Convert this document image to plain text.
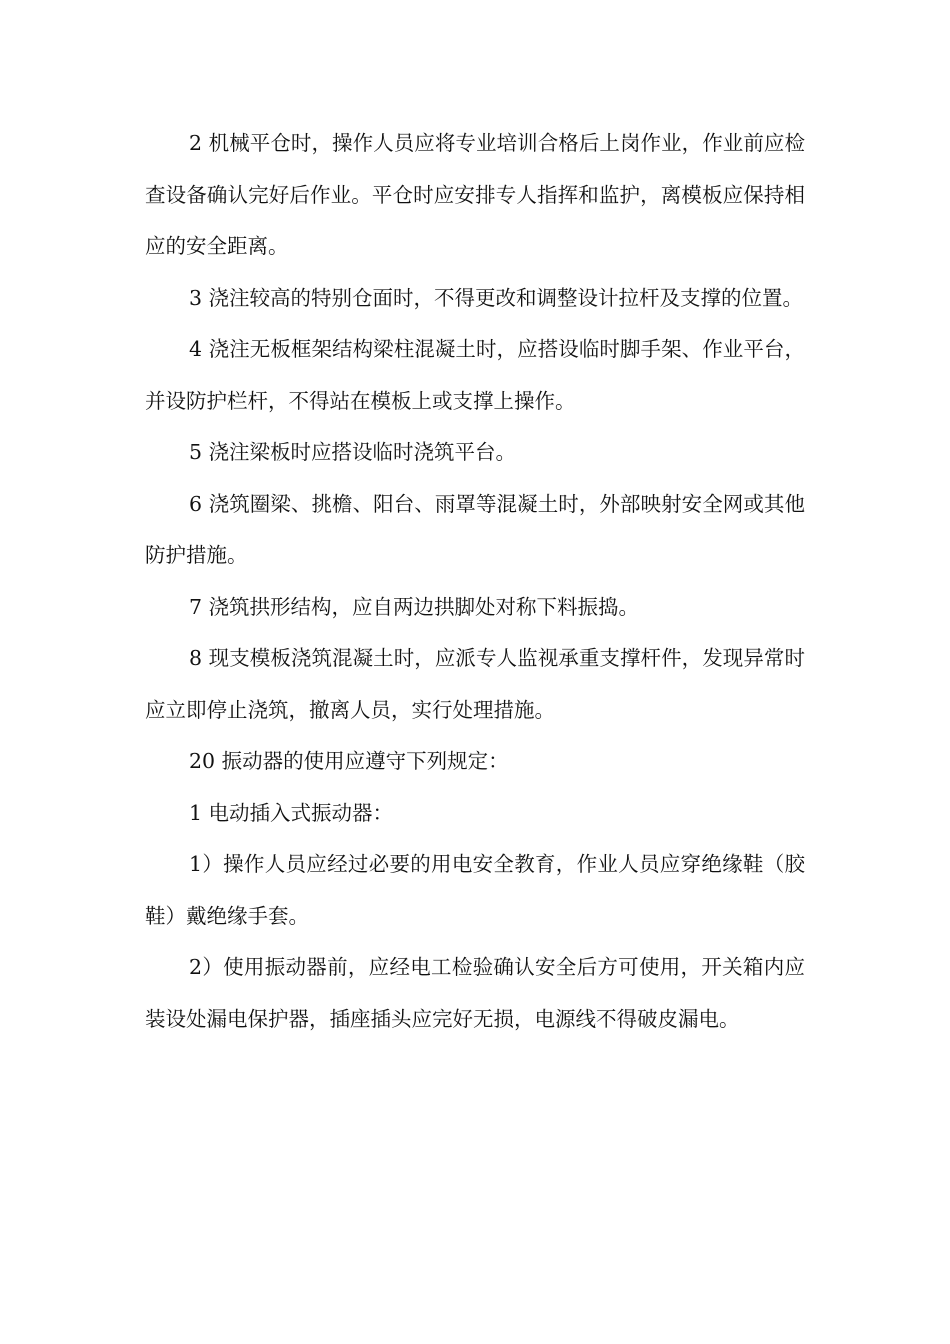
2 机械平仓时，操作人员应将专业培训合格后上岗作业，作业前应检查设备确认完好后作业。平仓时应安排专人指挥和监护，离模板应保持相应的安全距离。

3 浇注较高的特别仓面时，不得更改和调整设计拉杆及支撑的位置。

4 浇注无板框架结构梁柱混凝土时，应搭设临时脚手架、作业平台，并设防护栏杆，不得站在模板上或支撑上操作。

5 浇注梁板时应搭设临时浇筑平台。

6 浇筑圈梁、挑檐、阳台、雨罩等混凝土时，外部映射安全网或其他防护措施。

7 浇筑拱形结构，应自两边拱脚处对称下料振捣。

8 现支模板浇筑混凝土时，应派专人监视承重支撑杆件，发现异常时应立即停止浇筑，撤离人员，实行处理措施。

20 振动器的使用应遵守下列规定：

1 电动插入式振动器：

1）操作人员应经过必要的用电安全教育，作业人员应穿绝缘鞋（胶鞋）戴绝缘手套。

2）使用振动器前，应经电工检验确认安全后方可使用，开关箱内应装设处漏电保护器，插座插头应完好无损，电源线不得破皮漏电。
